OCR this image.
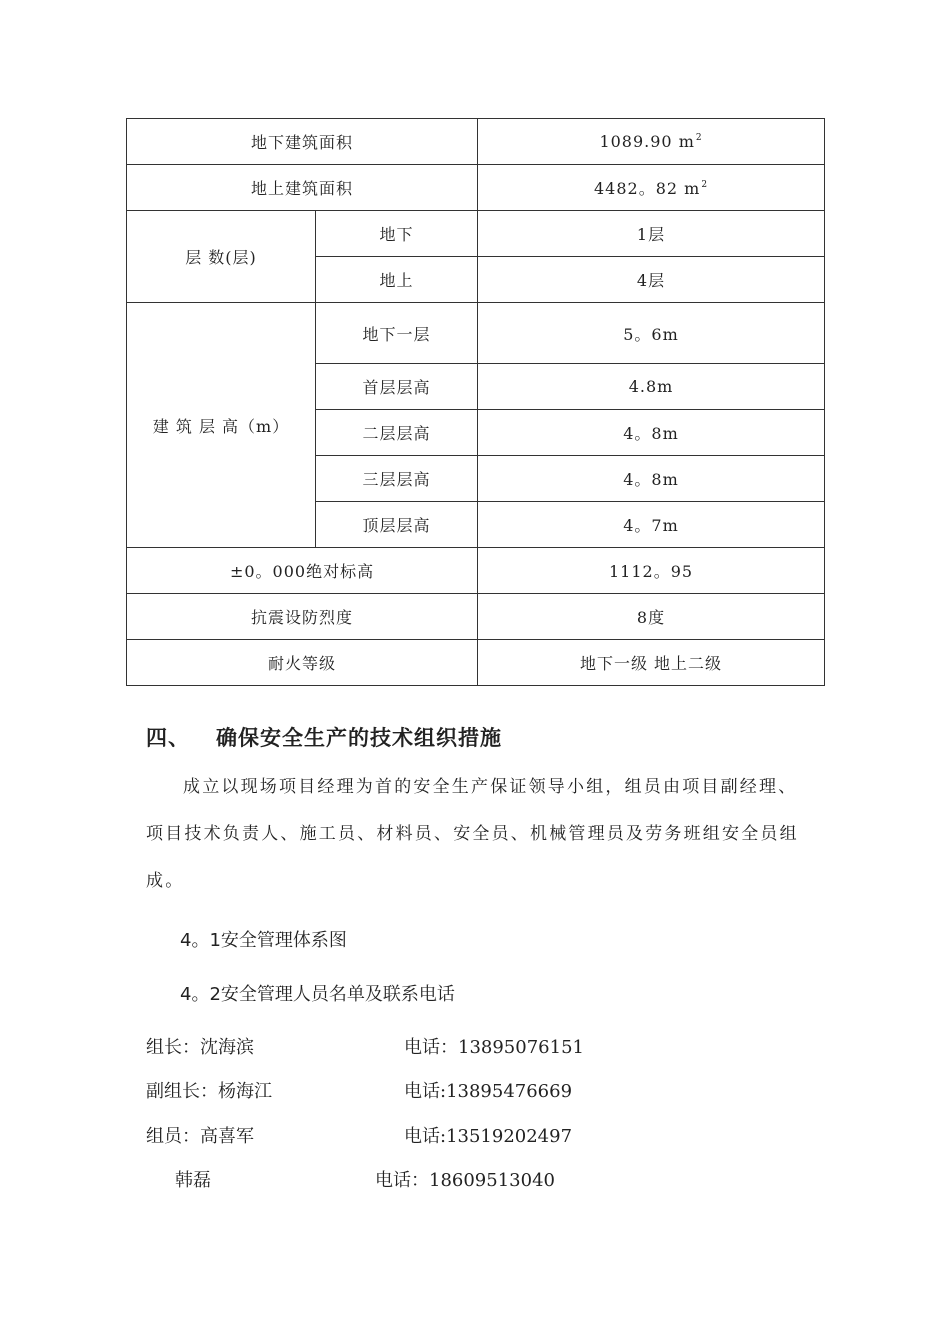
地下建筑面积		1089.90 $m^2$
地上建筑面积		4482。82 $m^2$
层 数(层)	地下	1层
	地上	4层
建 筑 层 高（m）	地下一层	5。6m
	首层层高	4.8m
	二层层高	4。8m
	三层层高	4。8m
	顶层层高	4。7m
±0。000绝对标高		1112。95
抗震设防烈度		8度
耐火等级		地下一级 地上二级
四、 确保安全生产的技术组织措施

成立以现场项目经理为首的安全生产保证领导小组，组员由项目副经理、项目技术负责人、施工员、材料员、安全员、机械管理员及劳务班组安全员组成。

4。1安全管理体系图
4。2安全管理人员名单及联系电话
组长：沈海滨	电话：13895076151
副组长：杨海江	电话:13895476669
组员：高喜军	电话:13519202497
韩磊	电话：18609513040
